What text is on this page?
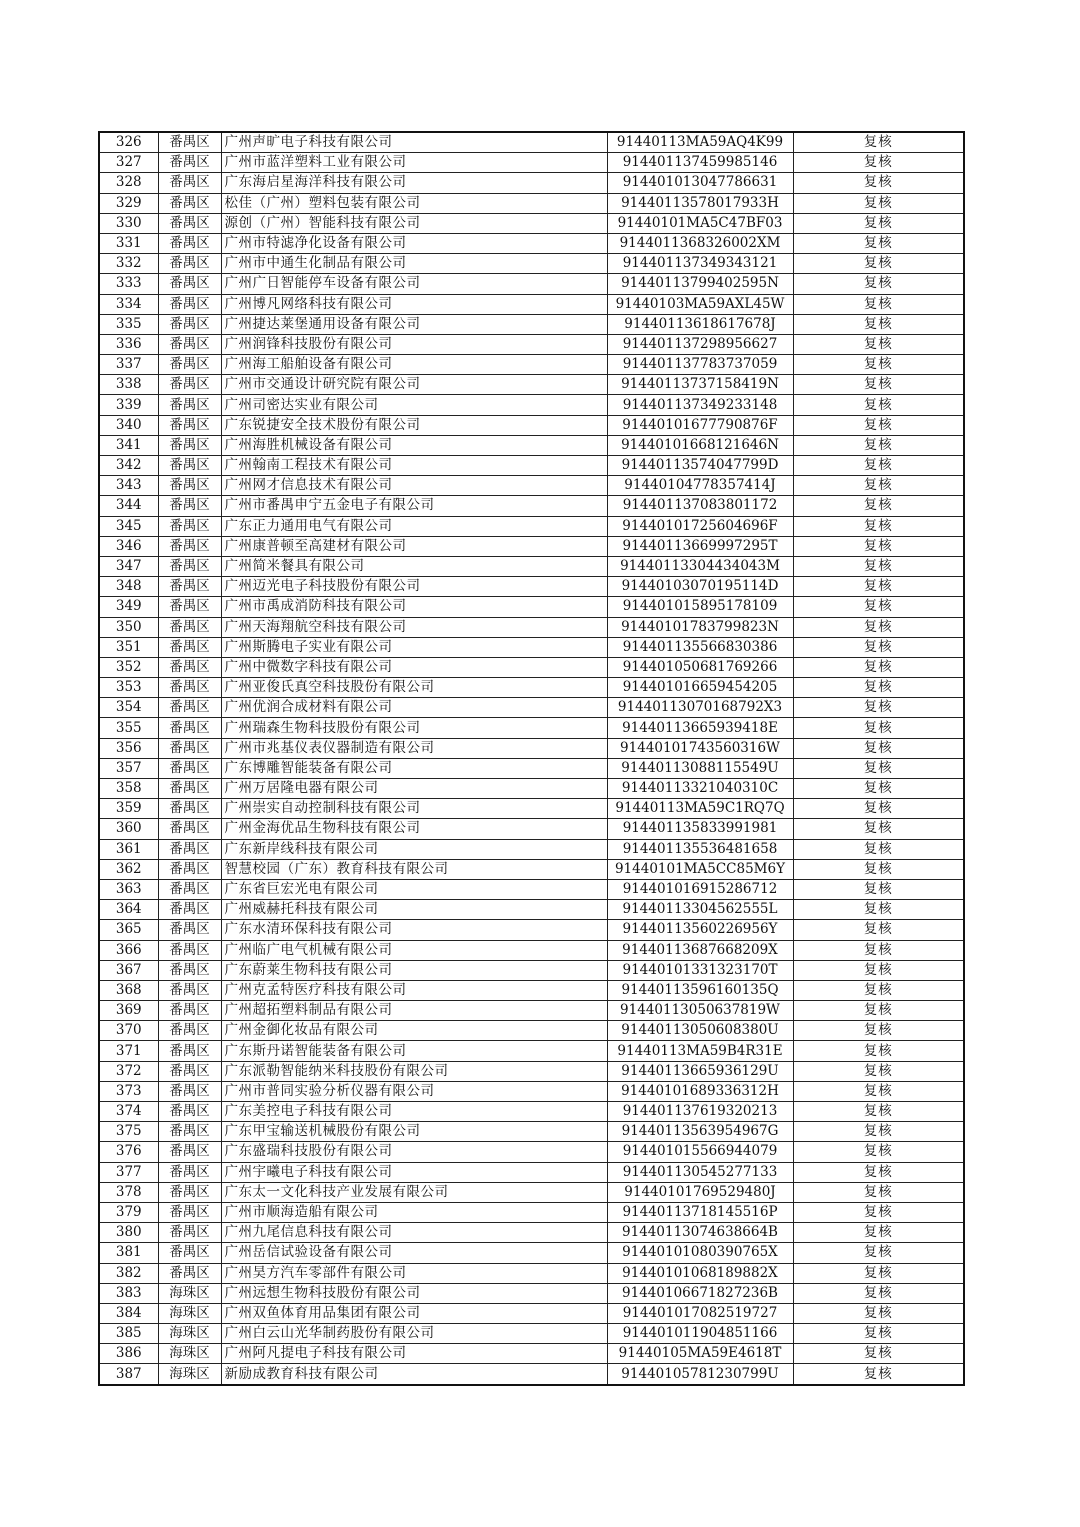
326	番禺区	广州声旷电子科技有限公司	91440113MA59AQ4K99	复核
327	番禺区	广州市蓝洋塑料工业有限公司	914401137459985146	复核
328	番禺区	广东海启星海洋科技有限公司	914401013047786631	复核
329	番禺区	松佳（广州）塑料包装有限公司	91440113578017933H	复核
330	番禺区	源创（广州）智能科技有限公司	91440101MA5C47BF03	复核
331	番禺区	广州市特滤净化设备有限公司	9144011368326002XM	复核
332	番禺区	广州市中通生化制品有限公司	914401137349343121	复核
333	番禺区	广州广日智能停车设备有限公司	91440113799402595N	复核
334	番禺区	广州博凡网络科技有限公司	91440103MA59AXL45W	复核
335	番禺区	广州捷达莱堡通用设备有限公司	91440113618617678J	复核
336	番禺区	广州润锋科技股份有限公司	914401137298956627	复核
337	番禺区	广州海工船舶设备有限公司	914401137783737059	复核
338	番禺区	广州市交通设计研究院有限公司	91440113737158419N	复核
339	番禺区	广州司密达实业有限公司	914401137349233148	复核
340	番禺区	广东锐捷安全技术股份有限公司	91440101677790876F	复核
341	番禺区	广州海胜机械设备有限公司	91440101668121646N	复核
342	番禺区	广州翰南工程技术有限公司	91440113574047799D	复核
343	番禺区	广州网才信息技术有限公司	91440104778357414J	复核
344	番禺区	广州市番禺申宁五金电子有限公司	914401137083801172	复核
345	番禺区	广东正力通用电气有限公司	91440101725604696F	复核
346	番禺区	广州康普顿至高建材有限公司	91440113669997295T	复核
347	番禺区	广州简米餐具有限公司	91440113304434043M	复核
348	番禺区	广州迈光电子科技股份有限公司	91440103070195114D	复核
349	番禺区	广州市禹成消防科技有限公司	914401015895178109	复核
350	番禺区	广州天海翔航空科技有限公司	91440101783799823N	复核
351	番禺区	广州斯腾电子实业有限公司	914401135566830386	复核
352	番禺区	广州中微数字科技有限公司	914401050681769266	复核
353	番禺区	广州亚俊氏真空科技股份有限公司	914401016659454205	复核
354	番禺区	广州优润合成材料有限公司	91440113070168792X3	复核
355	番禺区	广州瑞森生物科技股份有限公司	91440113665939418E	复核
356	番禺区	广州市兆基仪表仪器制造有限公司	91440101743560316W	复核
357	番禺区	广东博雕智能装备有限公司	91440113088115549U	复核
358	番禺区	广州万居隆电器有限公司	91440113321040310C	复核
359	番禺区	广州崇实自动控制科技有限公司	91440113MA59C1RQ7Q	复核
360	番禺区	广州金海优品生物科技有限公司	914401135833991981	复核
361	番禺区	广东新岸线科技有限公司	914401135536481658	复核
362	番禺区	智慧校园（广东）教育科技有限公司	91440101MA5CC85M6Y	复核
363	番禺区	广东省巨宏光电有限公司	914401016915286712	复核
364	番禺区	广州威赫托科技有限公司	91440113304562555L	复核
365	番禺区	广东水清环保科技有限公司	91440113560226956Y	复核
366	番禺区	广州临广电气机械有限公司	91440113687668209X	复核
367	番禺区	广东蔚莱生物科技有限公司	91440101331323170T	复核
368	番禺区	广州克孟特医疗科技有限公司	91440113596160135Q	复核
369	番禺区	广州超拓塑料制品有限公司	91440113050637819W	复核
370	番禺区	广州金御化妆品有限公司	91440113050608380U	复核
371	番禺区	广东斯丹诺智能装备有限公司	91440113MA59B4R31E	复核
372	番禺区	广东派勒智能纳米科技股份有限公司	91440113665936129U	复核
373	番禺区	广州市普同实验分析仪器有限公司	91440101689336312H	复核
374	番禺区	广东美控电子科技有限公司	914401137619320213	复核
375	番禺区	广东甲宝输送机械股份有限公司	91440113563954967G	复核
376	番禺区	广东盛瑞科技股份有限公司	914401015566944079	复核
377	番禺区	广州宇曦电子科技有限公司	914401130545277133	复核
378	番禺区	广东太一文化科技产业发展有限公司	91440101769529480J	复核
379	番禺区	广州市顺海造船有限公司	91440113718145516P	复核
380	番禺区	广州九尾信息科技有限公司	91440113074638664B	复核
381	番禺区	广州岳信试验设备有限公司	91440101080390765X	复核
382	番禺区	广州昊方汽车零部件有限公司	91440101068189882X	复核
383	海珠区	广州远想生物科技股份有限公司	91440106671827236B	复核
384	海珠区	广州双鱼体育用品集团有限公司	914401017082519727	复核
385	海珠区	广州白云山光华制药股份有限公司	914401011904851166	复核
386	海珠区	广州阿凡提电子科技有限公司	91440105MA59E4618T	复核
387	海珠区	新励成教育科技有限公司	91440105781230799U	复核
